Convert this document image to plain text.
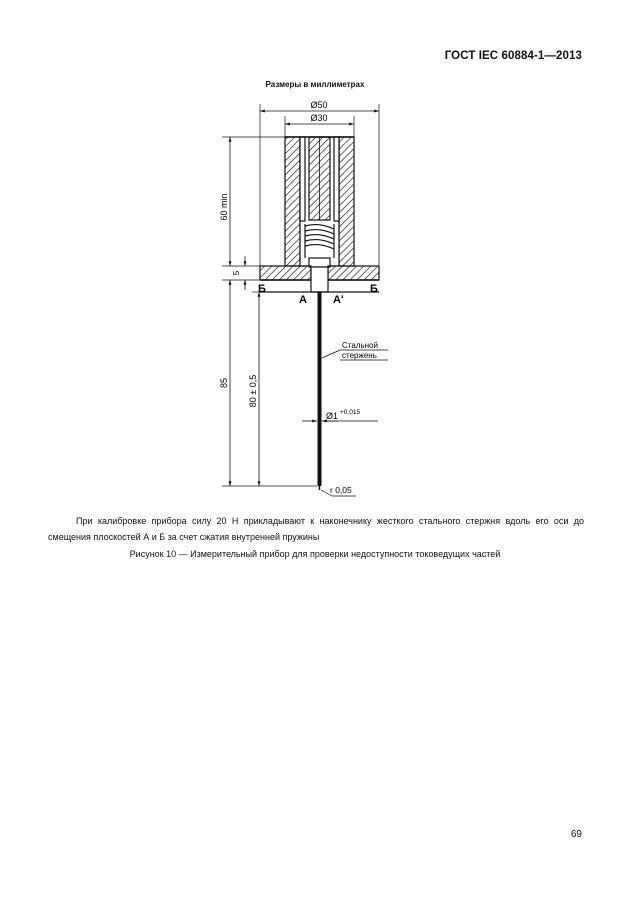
ГОСТ IEC 60884-1—2013
Размеры в миллиметрах
Ø50
Ø30
60 min
5
85 80 ± 0,5
Б	Б
А А'
Стальной
стержень
Ø1 +0,015
r 0,05
При калибровке прибора силу 20 Н прикладывают к наконечнику жесткого стального стержня вдоль его оси до смещения плоскостей А и Б за счет сжатия внутренней пружины
Рисунок 10 — Измерительный прибор для проверки недоступности токоведущих частей
69
